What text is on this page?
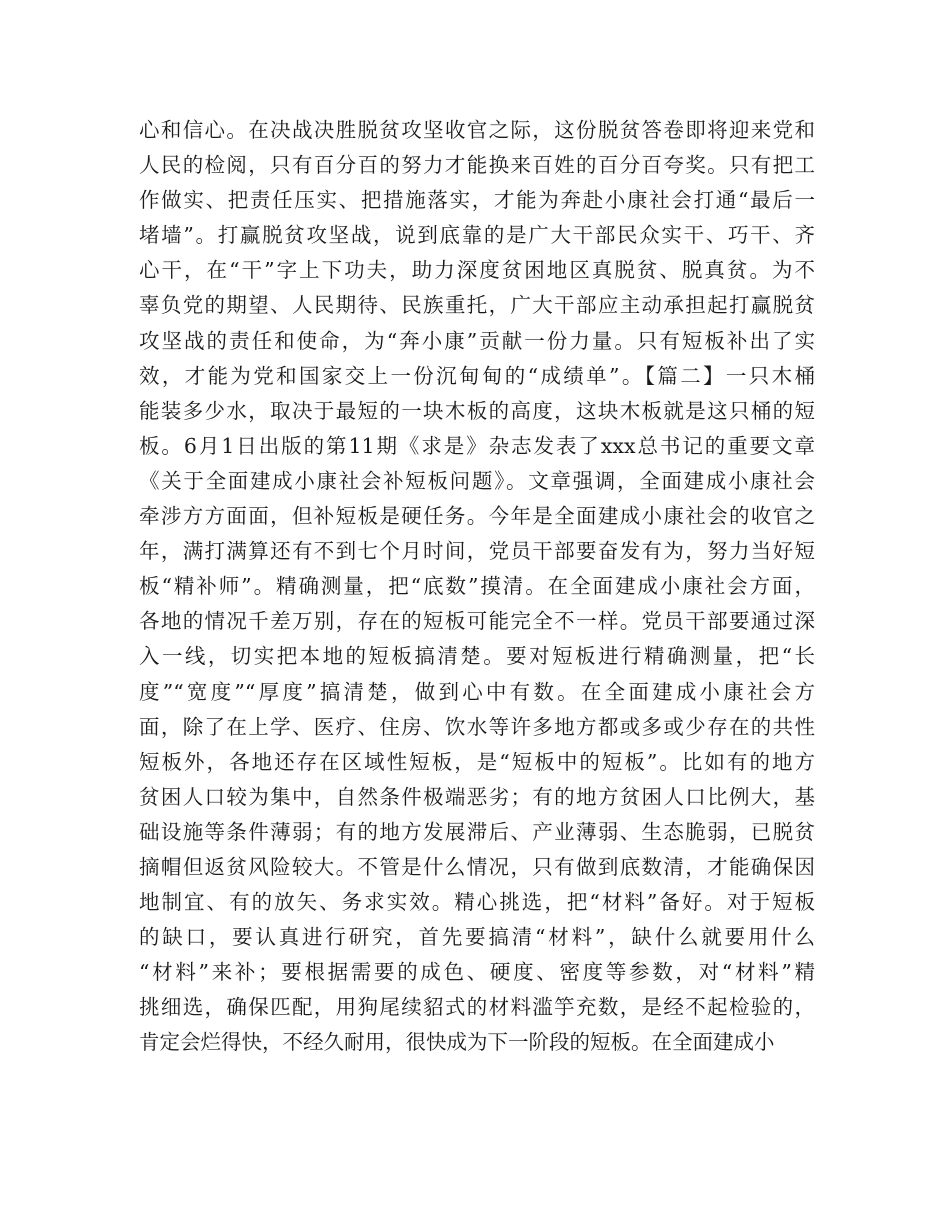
心和信心。在决战决胜脱贫攻坚收官之际，这份脱贫答卷即将迎来党和
人民的检阅，只有百分百的努力才能换来百姓的百分百夸奖。只有把工
作做实、把责任压实、把措施落实，才能为奔赴小康社会打通“最后一
堵墙”。打赢脱贫攻坚战，说到底靠的是广大干部民众实干、巧干、齐
心干，在“干”字上下功夫，助力深度贫困地区真脱贫、脱真贫。为不
辜负党的期望、人民期待、民族重托，广大干部应主动承担起打赢脱贫
攻坚战的责任和使命，为“奔小康”贡献一份力量。只有短板补出了实
效，才能为党和国家交上一份沉甸甸的“成绩单”。【篇二】一只木桶
能装多少水，取决于最短的一块木板的高度，这块木板就是这只桶的短
板。6月1日出版的第11期《求是》杂志发表了xxx总书记的重要文章
《关于全面建成小康社会补短板问题》。文章强调，全面建成小康社会
牵涉方方面面，但补短板是硬任务。今年是全面建成小康社会的收官之
年，满打满算还有不到七个月时间，党员干部要奋发有为，努力当好短
板“精补师”。精确测量，把“底数”摸清。在全面建成小康社会方面，
各地的情况千差万别，存在的短板可能完全不一样。党员干部要通过深
入一线，切实把本地的短板搞清楚。要对短板进行精确测量，把“长
度”“宽度”“厚度”搞清楚，做到心中有数。在全面建成小康社会方
面，除了在上学、医疗、住房、饮水等许多地方都或多或少存在的共性
短板外，各地还存在区域性短板，是“短板中的短板”。比如有的地方
贫困人口较为集中，自然条件极端恶劣；有的地方贫困人口比例大，基
础设施等条件薄弱；有的地方发展滞后、产业薄弱、生态脆弱，已脱贫
摘帽但返贫风险较大。不管是什么情况，只有做到底数清，才能确保因
地制宜、有的放矢、务求实效。精心挑选，把“材料”备好。对于短板
的缺口，要认真进行研究，首先要搞清“材料”，缺什么就要用什么
“材料”来补；要根据需要的成色、硬度、密度等参数，对“材料”精
挑细选，确保匹配，用狗尾续貂式的材料滥竽充数，是经不起检验的，
肯定会烂得快，不经久耐用，很快成为下一阶段的短板。在全面建成小
